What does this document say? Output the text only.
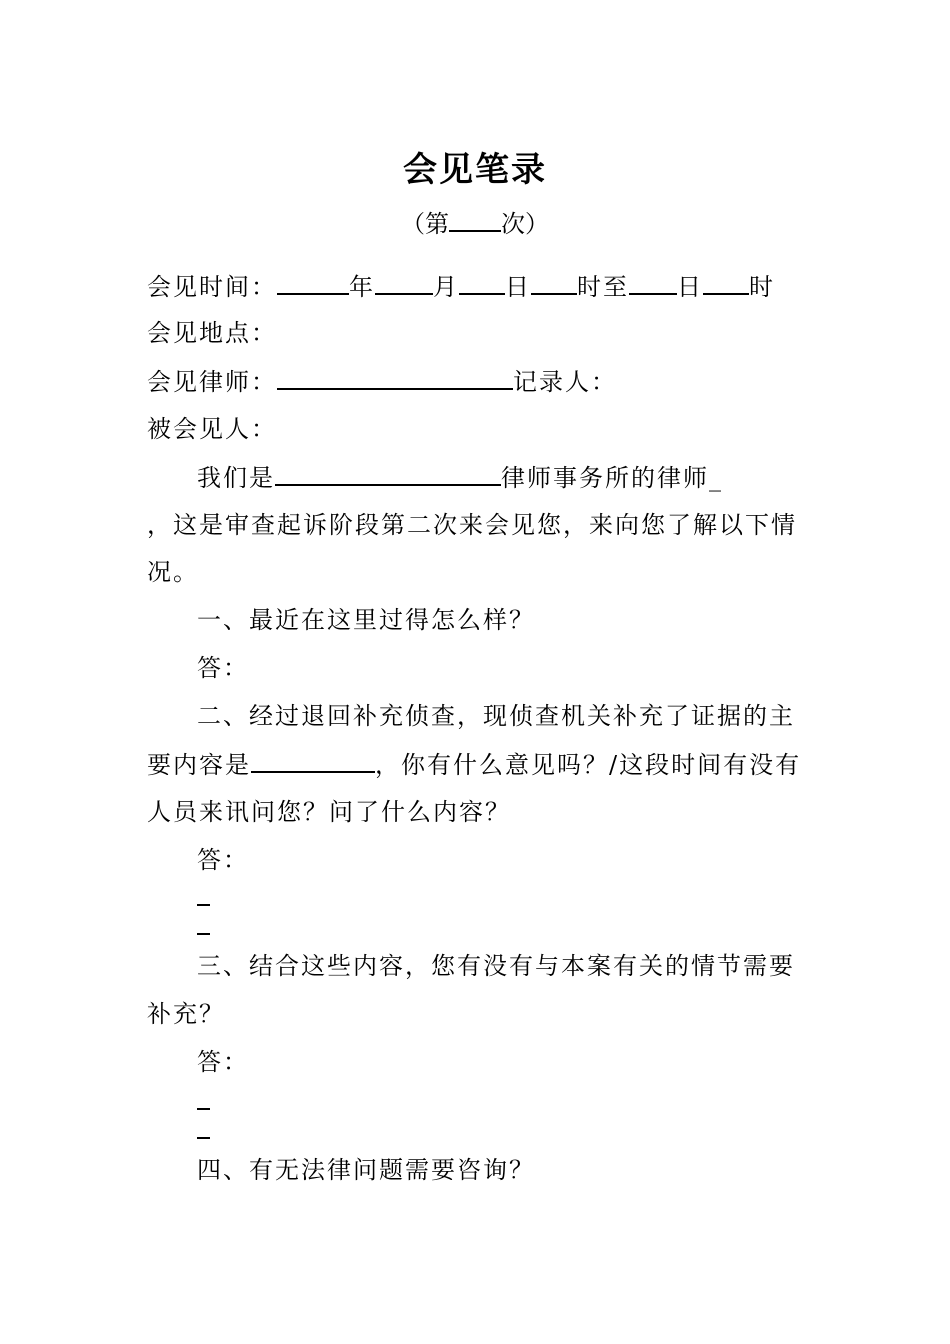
会见笔录
（第 次）
会见时间：	年 月 日 时至 日 时
会见地点：
会见律师：	记录人：
被会见人：
我们是	律师事务所的律师_
，这是审查起诉阶段第二次来会见您，来向您了解以下情
况。
一、最近在这里过得怎么样？
答：
二、经过退回补充侦查，现侦查机关补充了证据的主
要内容是	，你有什么意见吗？/这段时间有没有
人员来讯问您？问了什么内容？
答：
三、结合这些内容，您有没有与本案有关的情节需要
补充？
答：
四、有无法律问题需要咨询？
